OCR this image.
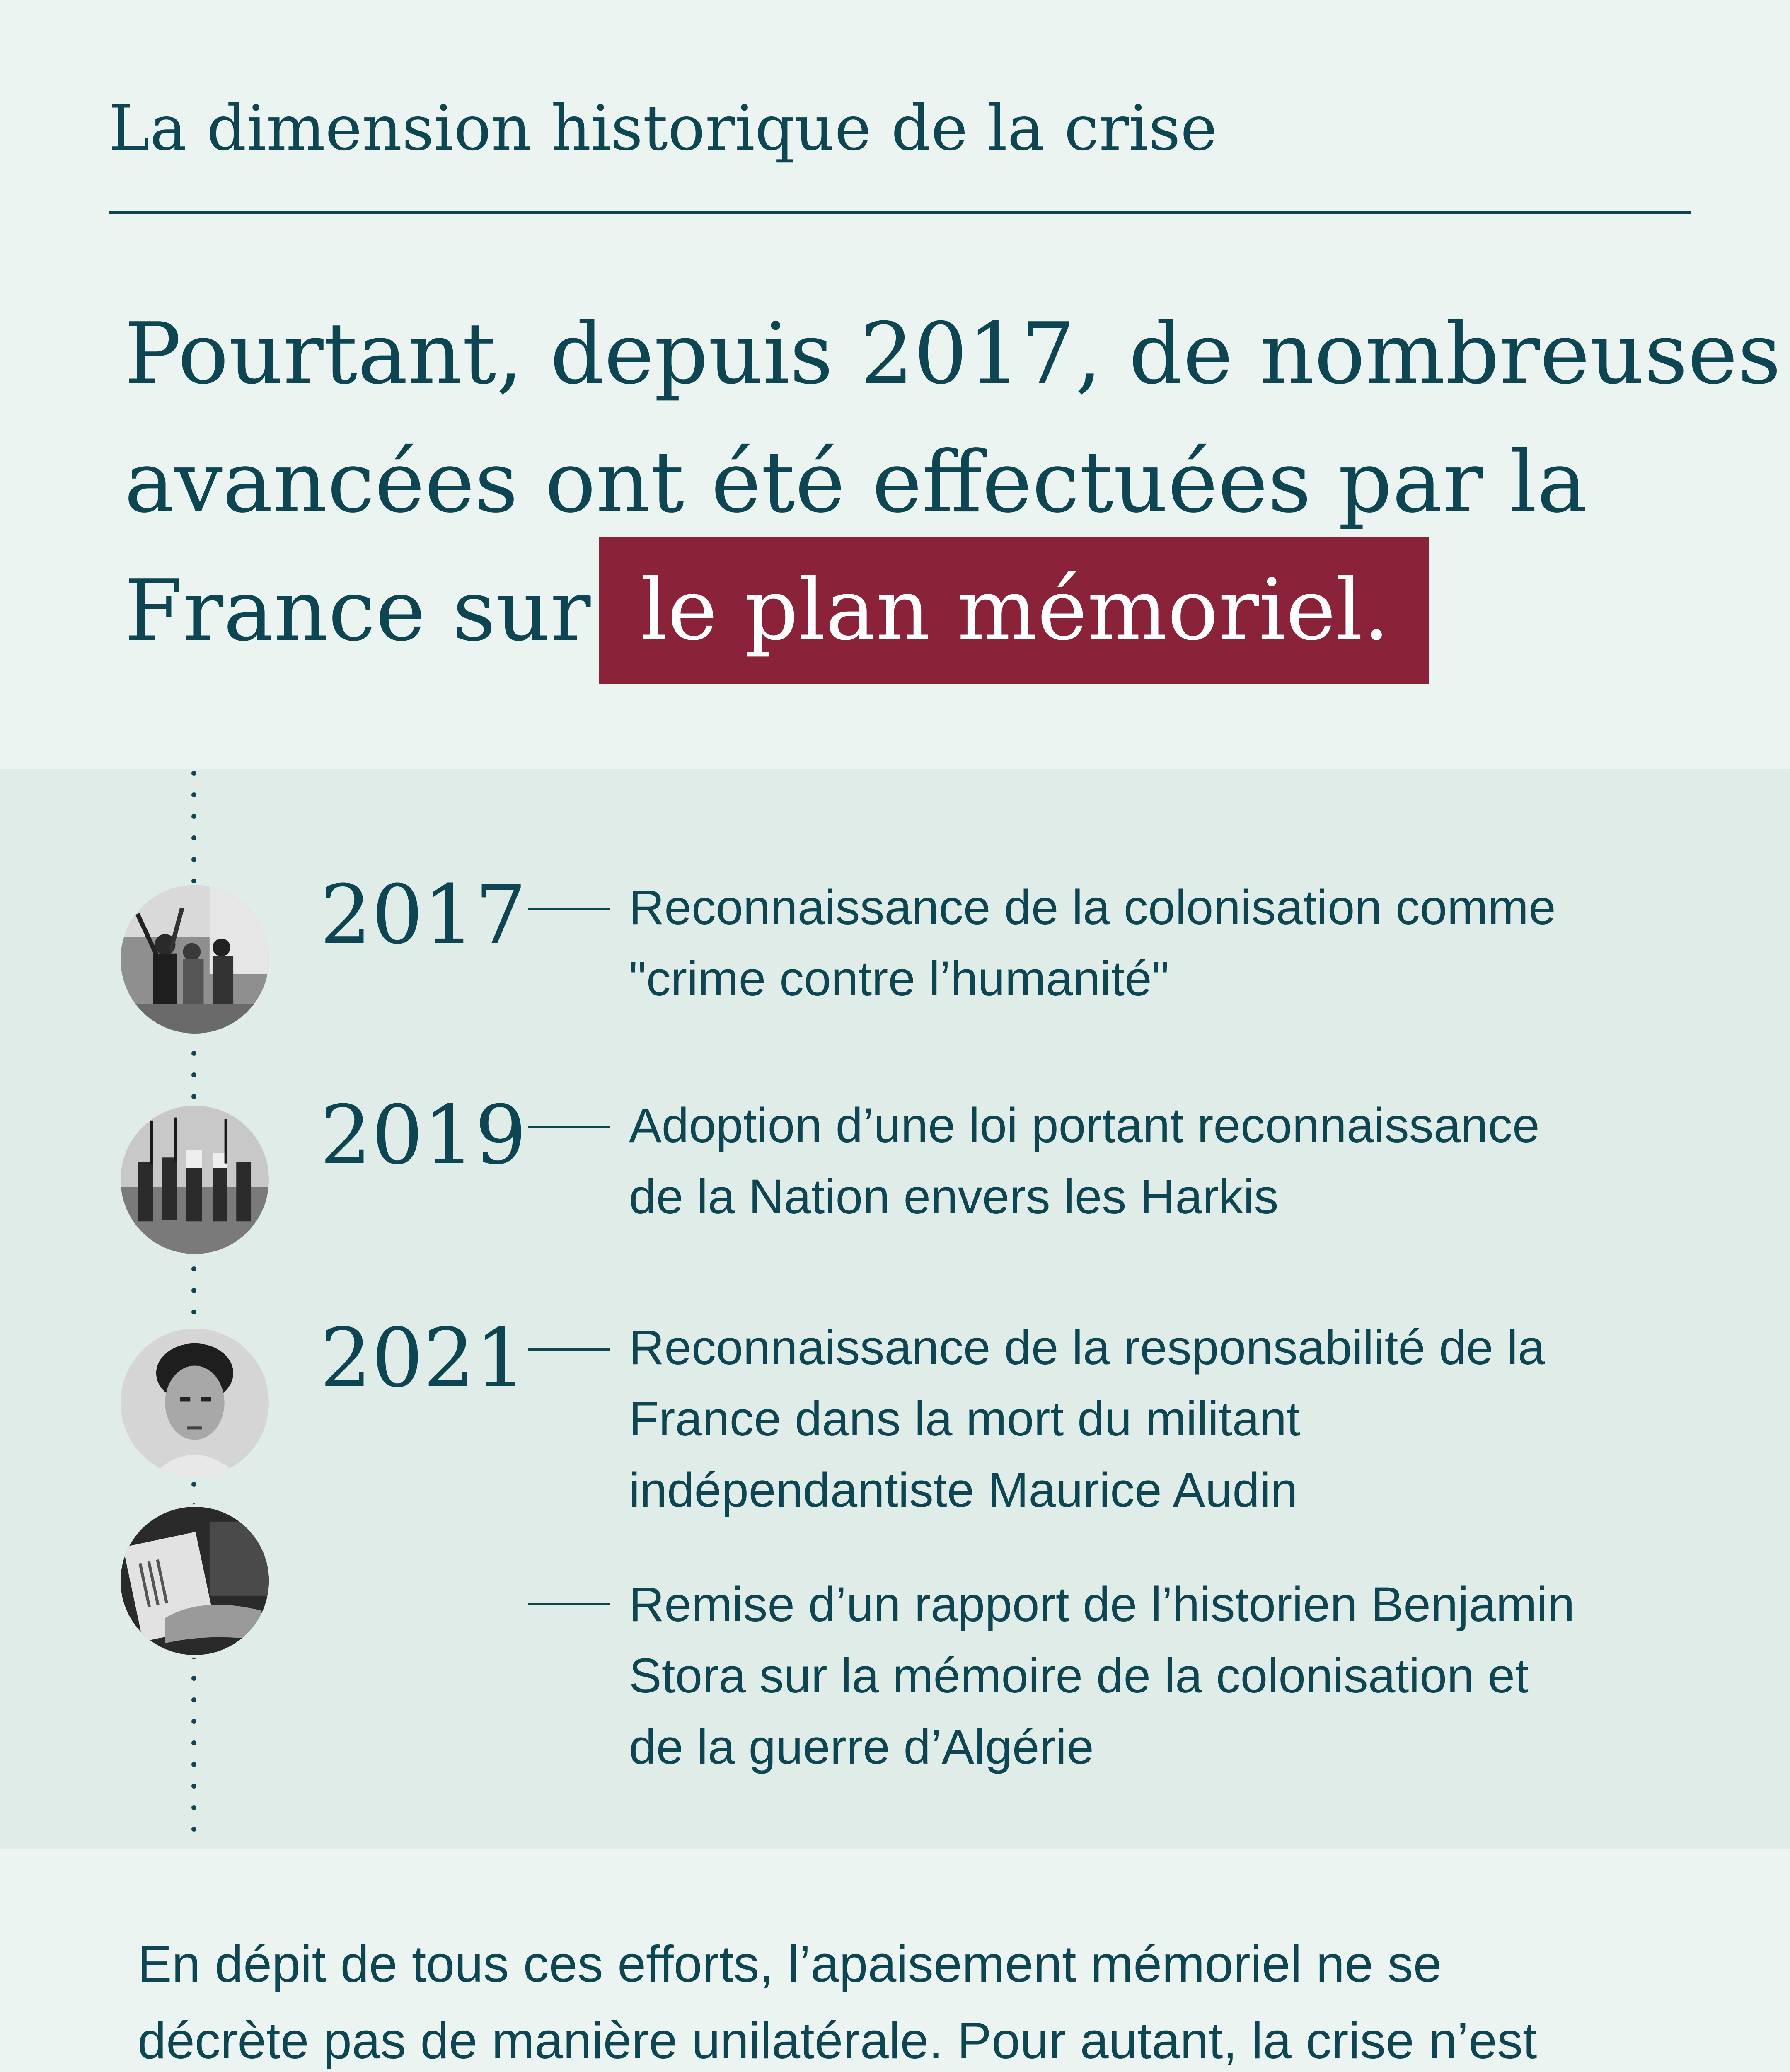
La dimension historique de la crise
Pourtant, depuis 2017, de nombreuses
avancées ont été effectuées par la
France sur le plan mémoriel.
2017 Reconnaissance de la colonisation comme
"crime contre l’humanité"
2019 Adoption d’une loi portant reconnaissance
de la Nation envers les Harkis
2021 Reconnaissance de la responsabilité de la
France dans la mort du militant
indépendantiste Maurice Audin
Remise d’un rapport de l’historien Benjamin
Stora sur la mémoire de la colonisation et
de la guerre d’Algérie
En dépit de tous ces efforts, l’apaisement mémoriel ne se
décrète pas de manière unilatérale. Pour autant, la crise n’est
